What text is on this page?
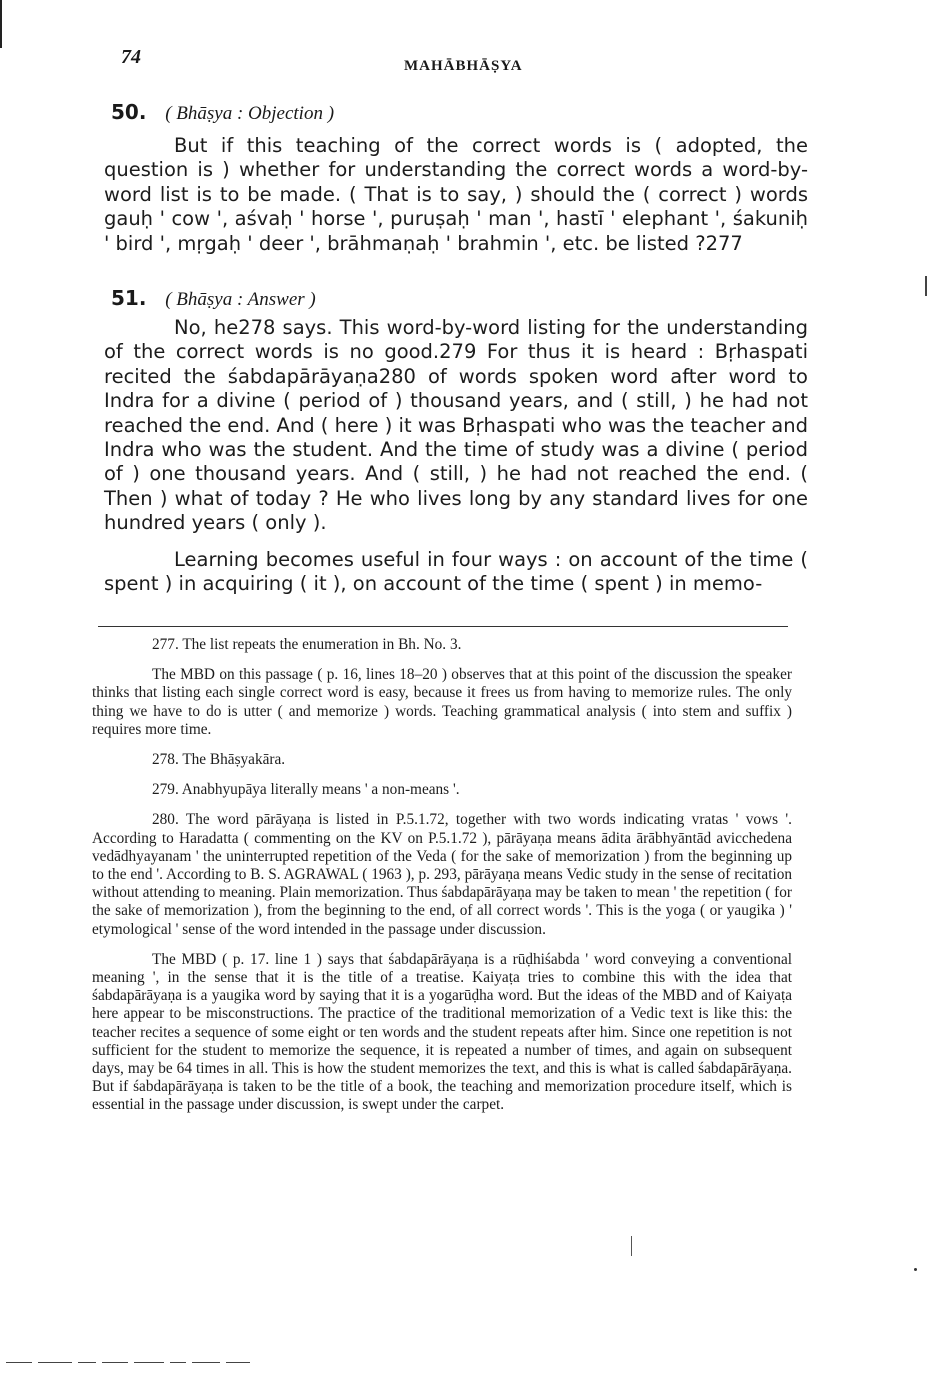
74	MAHĀBHĀṢYA
50. ( Bhāṣya : Objection )

But if this teaching of the correct words is ( adopted, the question is ) whether for understanding the correct words a word-by-word list is to be made. ( That is to say, ) should the ( correct ) words gauḥ ' cow ', aśvaḥ ' horse ', puruṣaḥ ' man ', hastī ' elephant ', śakuniḥ ' bird ', mṛgaḥ ' deer ', brāhmaṇaḥ ' brahmin ', etc. be listed ?277

51. ( Bhāṣya : Answer )

No, he278 says. This word-by-word listing for the understanding of the correct words is no good.279 For thus it is heard : Bṛhaspati recited the śabdapārāyaṇa280 of words spoken word after word to Indra for a divine ( period of ) thousand years, and ( still, ) he had not reached the end. And ( here ) it was Bṛhaspati who was the teacher and Indra who was the student. And the time of study was a divine ( period of ) one thousand years. And ( still, ) he had not reached the end. ( Then ) what of today ? He who lives long by any standard lives for one hundred years ( only ).

Learning becomes useful in four ways : on account of the time ( spent ) in acquiring ( it ), on account of the time ( spent ) in memo-

277. The list repeats the enumeration in Bh. No. 3.

The MBD on this passage ( p. 16, lines 18–20 ) observes that at this point of the discussion the speaker thinks that listing each single correct word is easy, because it frees us from having to memorize rules. The only thing we have to do is utter ( and memorize ) words. Teaching grammatical analysis ( into stem and suffix ) requires more time.

278. The Bhāṣyakāra.

279. Anabhyupāya literally means ' a non-means '.

280. The word pārāyaṇa is listed in P.5.1.72, together with two words indicating vratas ' vows '. According to Haradatta ( commenting on the KV on P.5.1.72 ), pārāyaṇa means ādita ārābhyāntād avicchedena vedādhyayanam ' the uninterrupted repetition of the Veda ( for the sake of memorization ) from the beginning up to the end '. According to B. S. AGRAWAL ( 1963 ), p. 293, pārāyaṇa means Vedic study in the sense of recitation without attending to meaning. Plain memorization. Thus śabdapārāyaṇa may be taken to mean ' the repetition ( for the sake of memorization ), from the beginning to the end, of all correct words '. This is the yoga ( or yaugika ) ' etymological ' sense of the word intended in the passage under discussion.

The MBD ( p. 17. line 1 ) says that śabdapārāyaṇa is a rūḍhiśabda ' word conveying a conventional meaning ', in the sense that it is the title of a treatise. Kaiyaṭa tries to combine this with the idea that śabdapārāyaṇa is a yaugika word by saying that it is a yogarūḍha word. But the ideas of the MBD and of Kaiyaṭa here appear to be misconstructions. The practice of the traditional memorization of a Vedic text is like this: the teacher recites a sequence of some eight or ten words and the student repeats after him. Since one repetition is not sufficient for the student to memorize the sequence, it is repeated a number of times, and again on subsequent days, may be 64 times in all. This is how the student memorizes the text, and this is what is called śabdapārāyaṇa. But if śabdapārāyaṇa is taken to be the title of a book, the teaching and memorization procedure itself, which is essential in the passage under discussion, is swept under the carpet.
